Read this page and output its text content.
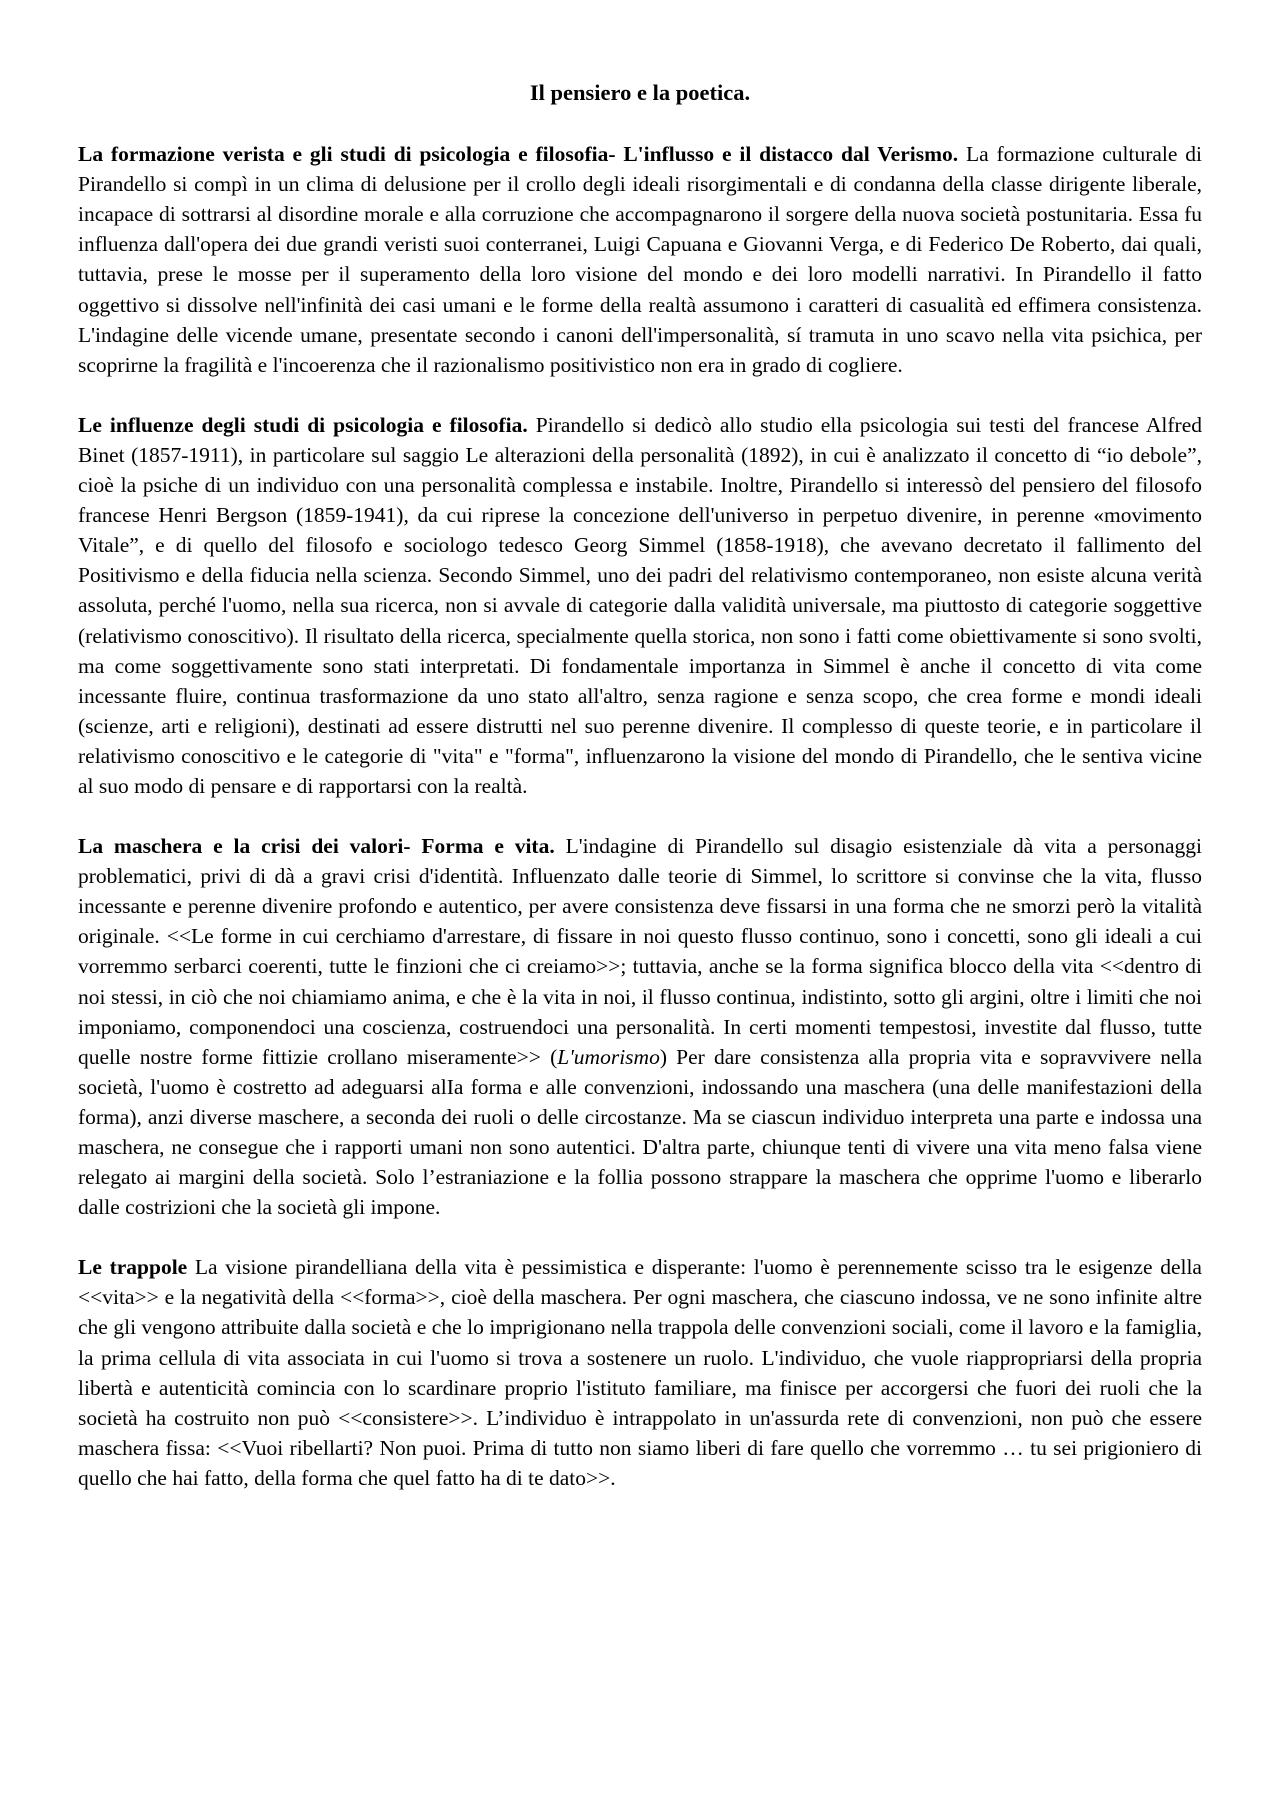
Il pensiero e la poetica.

La formazione verista e gli studi di psicologia e filosofia- L'influsso e il distacco dal Verismo. La formazione culturale di Pirandello si compì in un clima di delusione per il crollo degli ideali risorgimentali e di condanna della classe dirigente liberale, incapace di sottrarsi al disordine morale e alla corruzione che accompagnarono il sorgere della nuova società postunitaria. Essa fu influenza dall'opera dei due grandi veristi suoi conterranei, Luigi Capuana e Giovanni Verga, e di Federico De Roberto, dai quali, tuttavia, prese le mosse per il superamento della loro visione del mondo e dei loro modelli narrativi. In Pirandello il fatto oggettivo si dissolve nell'infinità dei casi umani e le forme della realtà assumono i caratteri di casualità ed effimera consistenza. L'indagine delle vicende umane, presentate secondo i canoni dell'impersonalità, sí tramuta in uno scavo nella vita psichica, per scoprirne la fragilità e l'incoerenza che il razionalismo positivistico non era in grado di cogliere.

Le influenze degli studi di psicologia e filosofia. Pirandello si dedicò allo studio ella psicologia sui testi del francese Alfred Binet (1857-1911), in particolare sul saggio Le alterazioni della personalità (1892), in cui è analizzato il concetto di “io debole”, cioè la psiche di un individuo con una personalità complessa e instabile. Inoltre, Pirandello si interessò del pensiero del filosofo francese Henri Bergson (1859-1941), da cui riprese la concezione dell'universo in perpetuo divenire, in perenne «movimento Vitale”, e di quello del filosofo e sociologo tedesco Georg Simmel (1858-1918), che avevano decretato il fallimento del Positivismo e della fiducia nella scienza. Secondo Simmel, uno dei padri del relativismo contemporaneo, non esiste alcuna verità assoluta, perché l'uomo, nella sua ricerca, non si avvale di categorie dalla validità universale, ma piuttosto di categorie soggettive (relativismo conoscitivo). Il risultato della ricerca, specialmente quella storica, non sono i fatti come obiettivamente si sono svolti, ma come soggettivamente sono stati interpretati. Di fondamentale importanza in Simmel è anche il concetto di vita come incessante fluire, continua trasformazione da uno stato all'altro, senza ragione e senza scopo, che crea forme e mondi ideali (scienze, arti e religioni), destinati ad essere distrutti nel suo perenne divenire. Il complesso di queste teorie, e in particolare il relativismo conoscitivo e le categorie di "vita" e "forma", influenzarono la visione del mondo di Pirandello, che le sentiva vicine al suo modo di pensare e di rapportarsi con la realtà.

La maschera e la crisi dei valori- Forma e vita. L'indagine di Pirandello sul disagio esistenziale dà vita a personaggi problematici, privi di dà a gravi crisi d'identità. Influenzato dalle teorie di Simmel, lo scrittore si convinse che la vita, flusso incessante e perenne divenire profondo e autentico, per avere consistenza deve fissarsi in una forma che ne smorzi però la vitalità originale. <<Le forme in cui cerchiamo d'arrestare, di fissare in noi questo flusso continuo, sono i concetti, sono gli ideali a cui vorremmo serbarci coerenti, tutte le finzioni che ci creiamo>>; tuttavia, anche se la forma significa blocco della vita <<dentro di noi stessi, in ciò che noi chiamiamo anima, e che è la vita in noi, il flusso continua, indistinto, sotto gli argini, oltre i limiti che noi imponiamo, componendoci una coscienza, costruendoci una personalità. In certi momenti tempestosi, investite dal flusso, tutte quelle nostre forme fittizie crollano miseramente>> (L'umorismo) Per dare consistenza alla propria vita e sopravvivere nella società, l'uomo è costretto ad adeguarsi alIa forma e alle convenzioni, indossando una maschera (una delle manifestazioni della forma), anzi diverse maschere, a seconda dei ruoli o delle circostanze. Ma se ciascun individuo interpreta una parte e indossa una maschera, ne consegue che i rapporti umani non sono autentici. D'altra parte, chiunque tenti di vivere una vita meno falsa viene relegato ai margini della società. Solo l’estraniazione e la follia possono strappare la maschera che opprime l'uomo e liberarlo dalle costrizioni che la società gli impone.

Le trappole La visione pirandelliana della vita è pessimistica e disperante: l'uomo è perennemente scisso tra le esigenze della <<vita>> e la negatività della <<forma>>, cioè della maschera. Per ogni maschera, che ciascuno indossa, ve ne sono infinite altre che gli vengono attribuite dalla società e che lo imprigionano nella trappola delle convenzioni sociali, come il lavoro e la famiglia, la prima cellula di vita associata in cui l'uomo si trova a sostenere un ruolo. L'individuo, che vuole riappropriarsi della propria libertà e autenticità comincia con lo scardinare proprio l'istituto familiare, ma finisce per accorgersi che fuori dei ruoli che la società ha costruito non può <<consistere>>. L’individuo è intrappolato in un'assurda rete di convenzioni, non può che essere maschera fissa: <<Vuoi ribellarti? Non puoi. Prima di tutto non siamo liberi di fare quello che vorremmo … tu sei prigioniero di quello che hai fatto, della forma che quel fatto ha di te dato>>.
